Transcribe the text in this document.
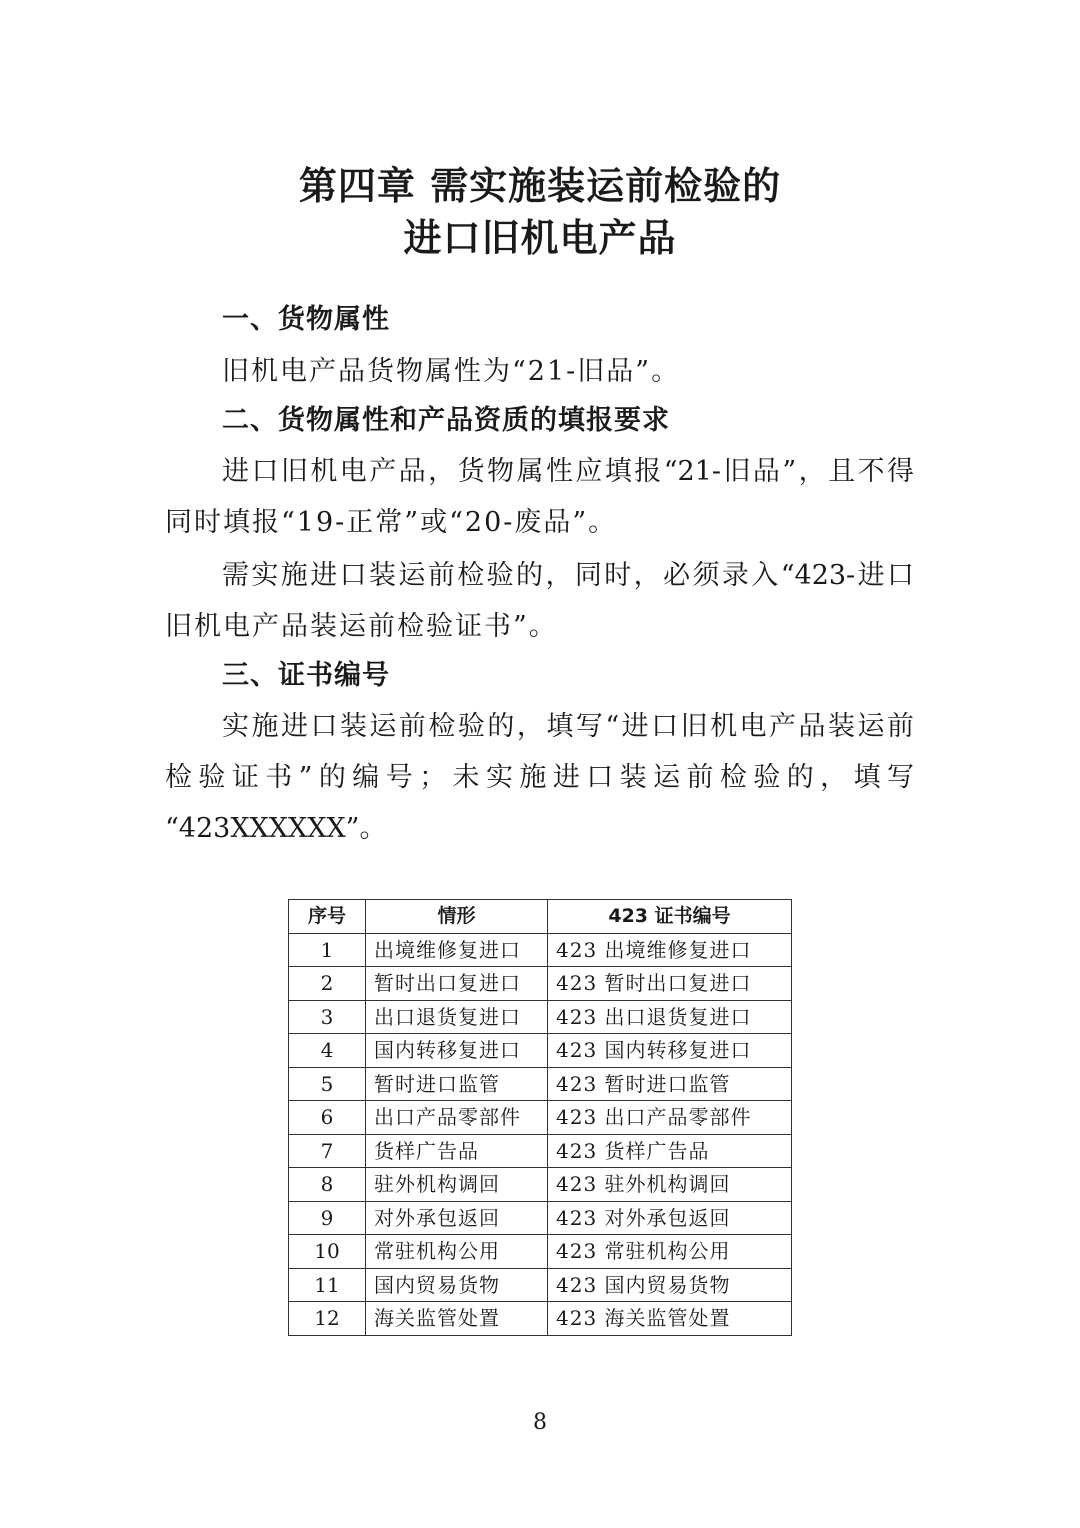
第四章 需实施装运前检验的
进口旧机电产品
一、货物属性
旧机电产品货物属性为“21-旧品”。
二、货物属性和产品资质的填报要求
进口旧机电产品，货物属性应填报“21-旧品”，且不得
同时填报“19-正常”或“20-废品”。
需实施进口装运前检验的，同时，必须录入“423-进口
旧机电产品装运前检验证书”。
三、证书编号
实施进口装运前检验的，填写“进口旧机电产品装运前
检验证书”的编号；未实施进口装运前检验的，填写
“423XXXXXX”。
序号	情形	423 证书编号
1	出境维修复进口	423 出境维修复进口
2	暂时出口复进口	423 暂时出口复进口
3	出口退货复进口	423 出口退货复进口
4	国内转移复进口	423 国内转移复进口
5	暂时进口监管	423 暂时进口监管
6	出口产品零部件	423 出口产品零部件
7	货样广告品	423 货样广告品
8	驻外机构调回	423 驻外机构调回
9	对外承包返回	423 对外承包返回
10	常驻机构公用	423 常驻机构公用
11	国内贸易货物	423 国内贸易货物
12	海关监管处置	423 海关监管处置
8
